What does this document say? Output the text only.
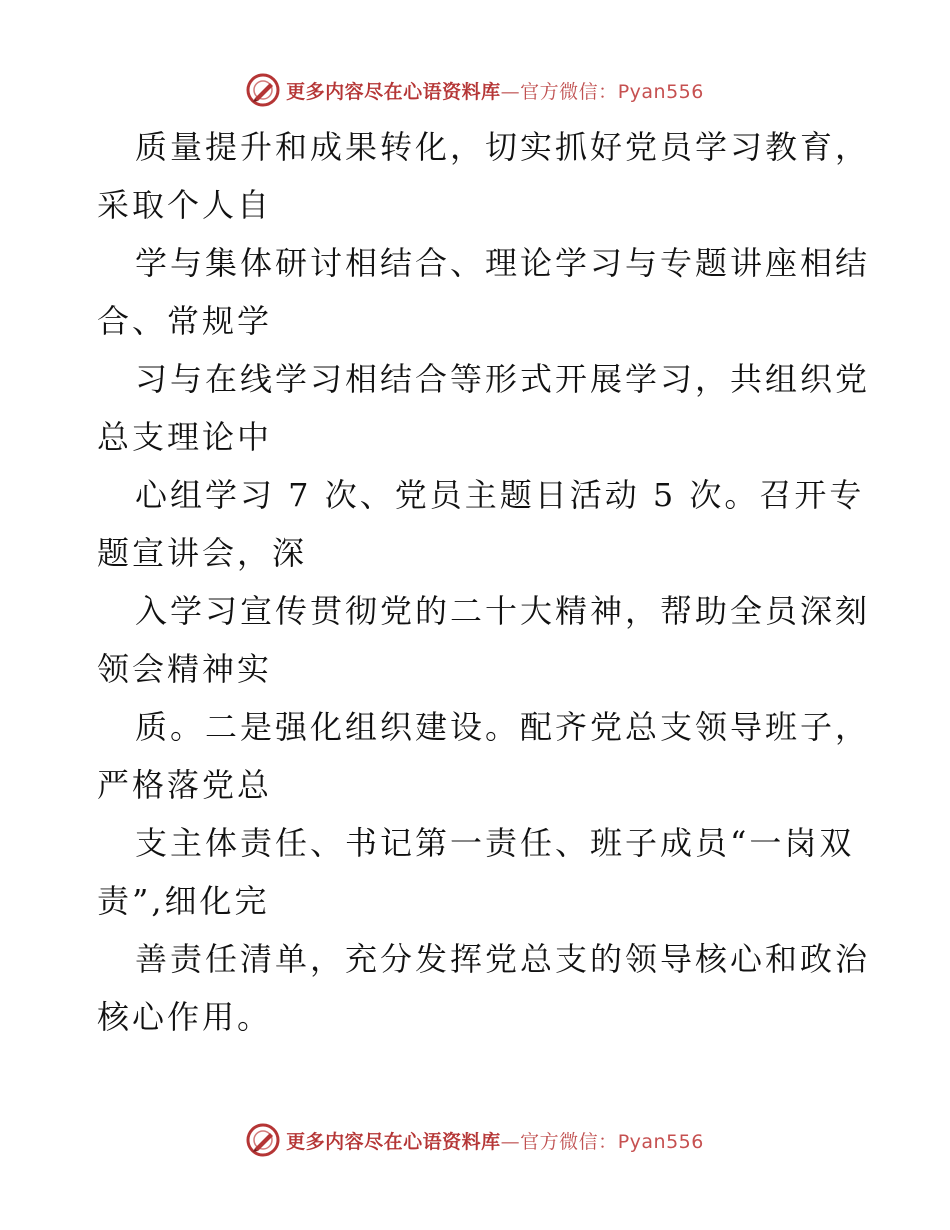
更多内容尽在心语资料库—官方微信：Pyan556
质量提升和成果转化，切实抓好党员学习教育，
采取个人自
学与集体研讨相结合、理论学习与专题讲座相结
合、常规学
习与在线学习相结合等形式开展学习，共组织党
总支理论中
心组学习 7 次、党员主题日活动 5 次。召开专
题宣讲会，深
入学习宣传贯彻党的二十大精神，帮助全员深刻
领会精神实
质。二是强化组织建设。配齐党总支领导班子，
严格落党总
支主体责任、书记第一责任、班子成员“一岗双
责”,细化完
善责任清单，充分发挥党总支的领导核心和政治
核心作用。
更多内容尽在心语资料库—官方微信：Pyan556
